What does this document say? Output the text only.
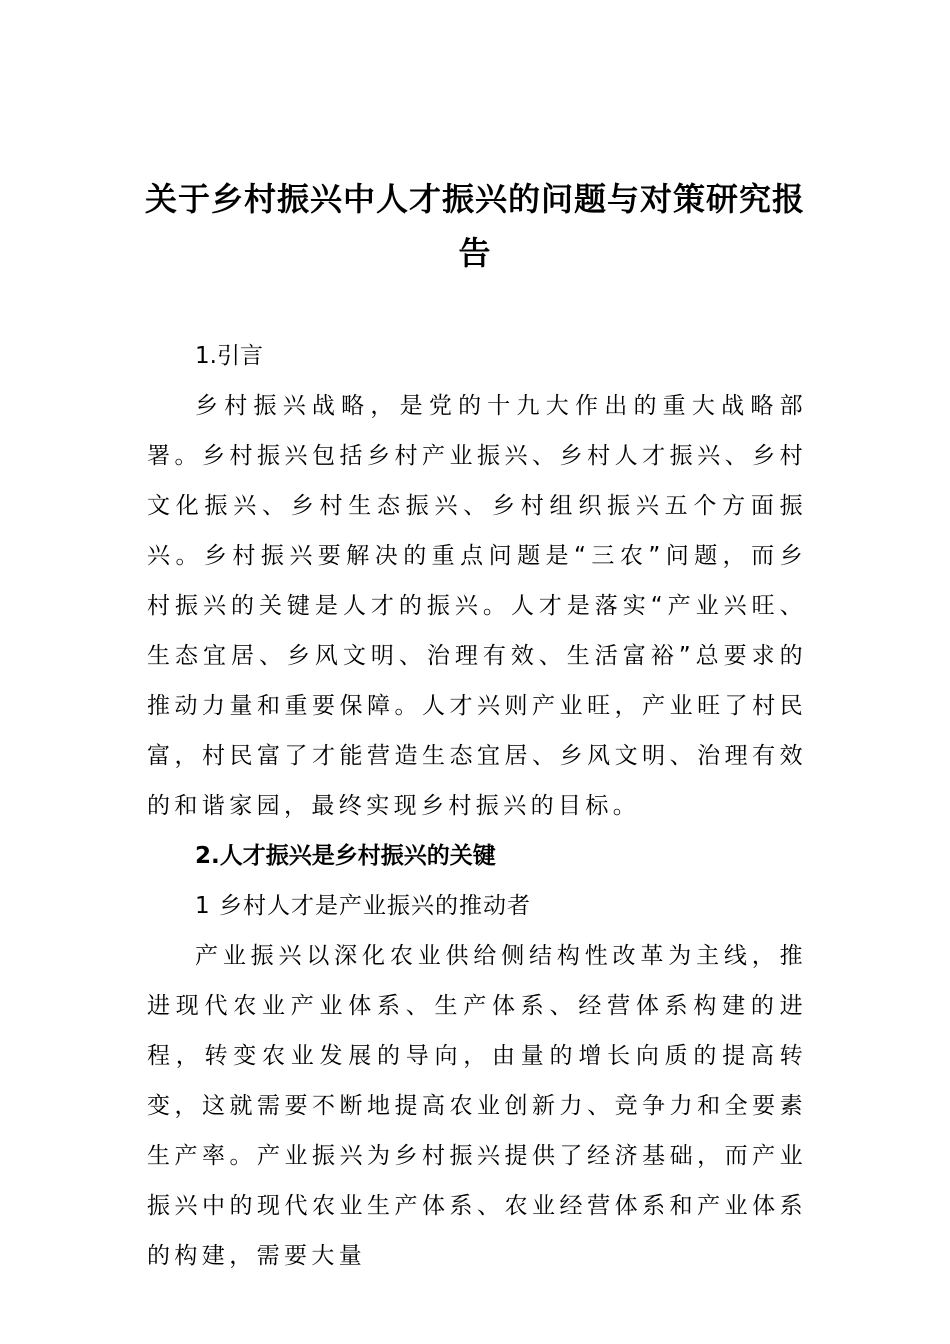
关于乡村振兴中人才振兴的问题与对策研究报告

1.引言

乡村振兴战略，是党的十九大作出的重大战略部署。乡村振兴包括乡村产业振兴、乡村人才振兴、乡村文化振兴、乡村生态振兴、乡村组织振兴五个方面振兴。乡村振兴要解决的重点问题是“三农”问题，而乡村振兴的关键是人才的振兴。人才是落实“产业兴旺、生态宜居、乡风文明、治理有效、生活富裕”总要求的推动力量和重要保障。人才兴则产业旺，产业旺了村民富，村民富了才能营造生态宜居、乡风文明、治理有效的和谐家园，最终实现乡村振兴的目标。

2.人才振兴是乡村振兴的关键

1 乡村人才是产业振兴的推动者

产业振兴以深化农业供给侧结构性改革为主线，推进现代农业产业体系、生产体系、经营体系构建的进程，转变农业发展的导向，由量的增长向质的提高转变，这就需要不断地提高农业创新力、竞争力和全要素生产率。产业振兴为乡村振兴提供了经济基础，而产业振兴中的现代农业生产体系、农业经营体系和产业体系的构建，需要大量
